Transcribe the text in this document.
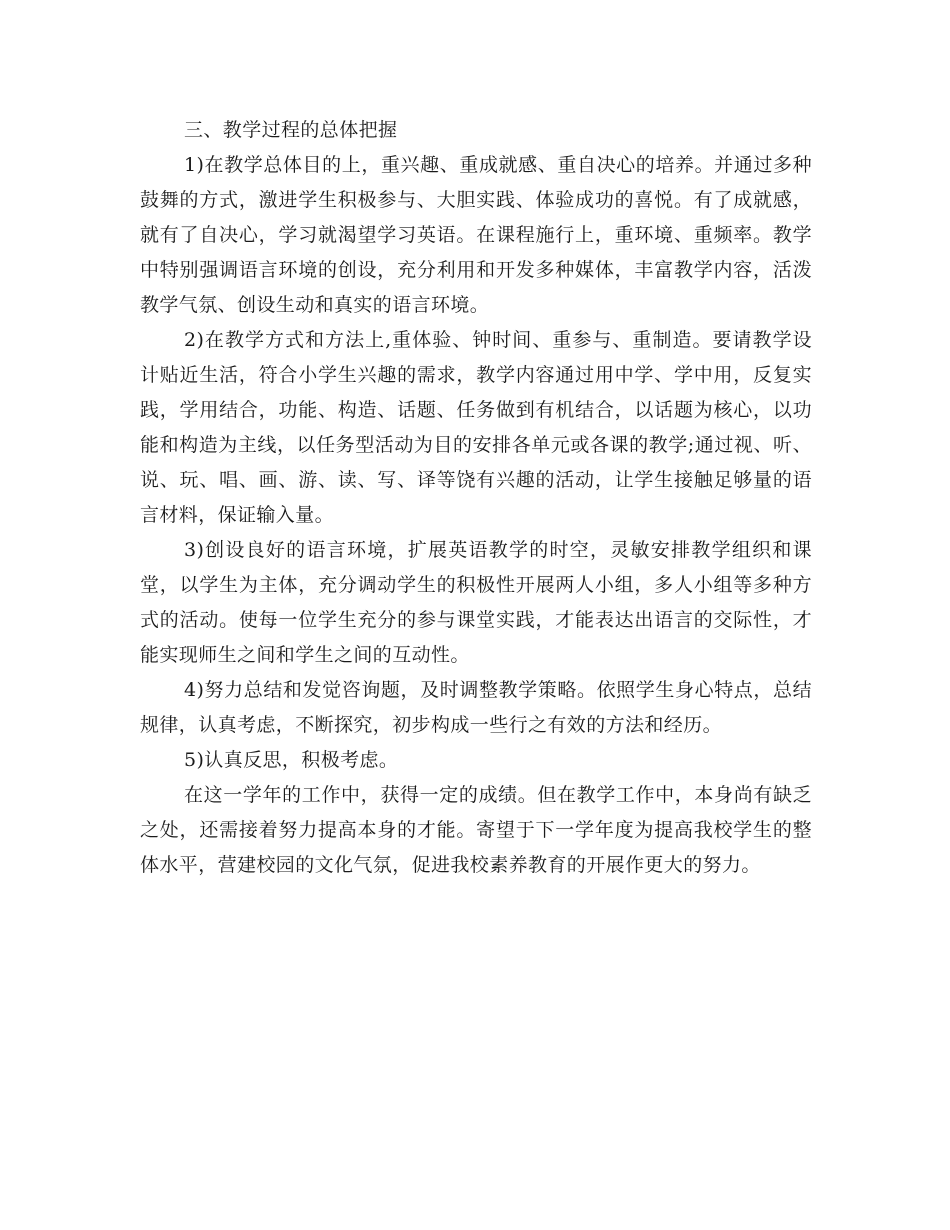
三、教学过程的总体把握

1)在教学总体目的上，重兴趣、重成就感、重自决心的培养。并通过多种鼓舞的方式，激进学生积极参与、大胆实践、体验成功的喜悦。有了成就感，就有了自决心，学习就渴望学习英语。在课程施行上，重环境、重频率。教学中特别强调语言环境的创设，充分利用和开发多种媒体，丰富教学内容，活泼教学气氛、创设生动和真实的语言环境。

2)在教学方式和方法上,重体验、钟时间、重参与、重制造。要请教学设计贴近生活，符合小学生兴趣的需求，教学内容通过用中学、学中用，反复实践，学用结合，功能、构造、话题、任务做到有机结合，以话题为核心，以功能和构造为主线，以任务型活动为目的安排各单元或各课的教学;通过视、听、说、玩、唱、画、游、读、写、译等饶有兴趣的活动，让学生接触足够量的语言材料，保证输入量。

3)创设良好的语言环境，扩展英语教学的时空，灵敏安排教学组织和课堂，以学生为主体，充分调动学生的积极性开展两人小组，多人小组等多种方式的活动。使每一位学生充分的参与课堂实践，才能表达出语言的交际性，才能实现师生之间和学生之间的互动性。

4)努力总结和发觉咨询题，及时调整教学策略。依照学生身心特点，总结规律，认真考虑，不断探究，初步构成一些行之有效的方法和经历。

5)认真反思，积极考虑。

在这一学年的工作中，获得一定的成绩。但在教学工作中，本身尚有缺乏之处，还需接着努力提高本身的才能。寄望于下一学年度为提高我校学生的整体水平，营建校园的文化气氛，促进我校素养教育的开展作更大的努力。
